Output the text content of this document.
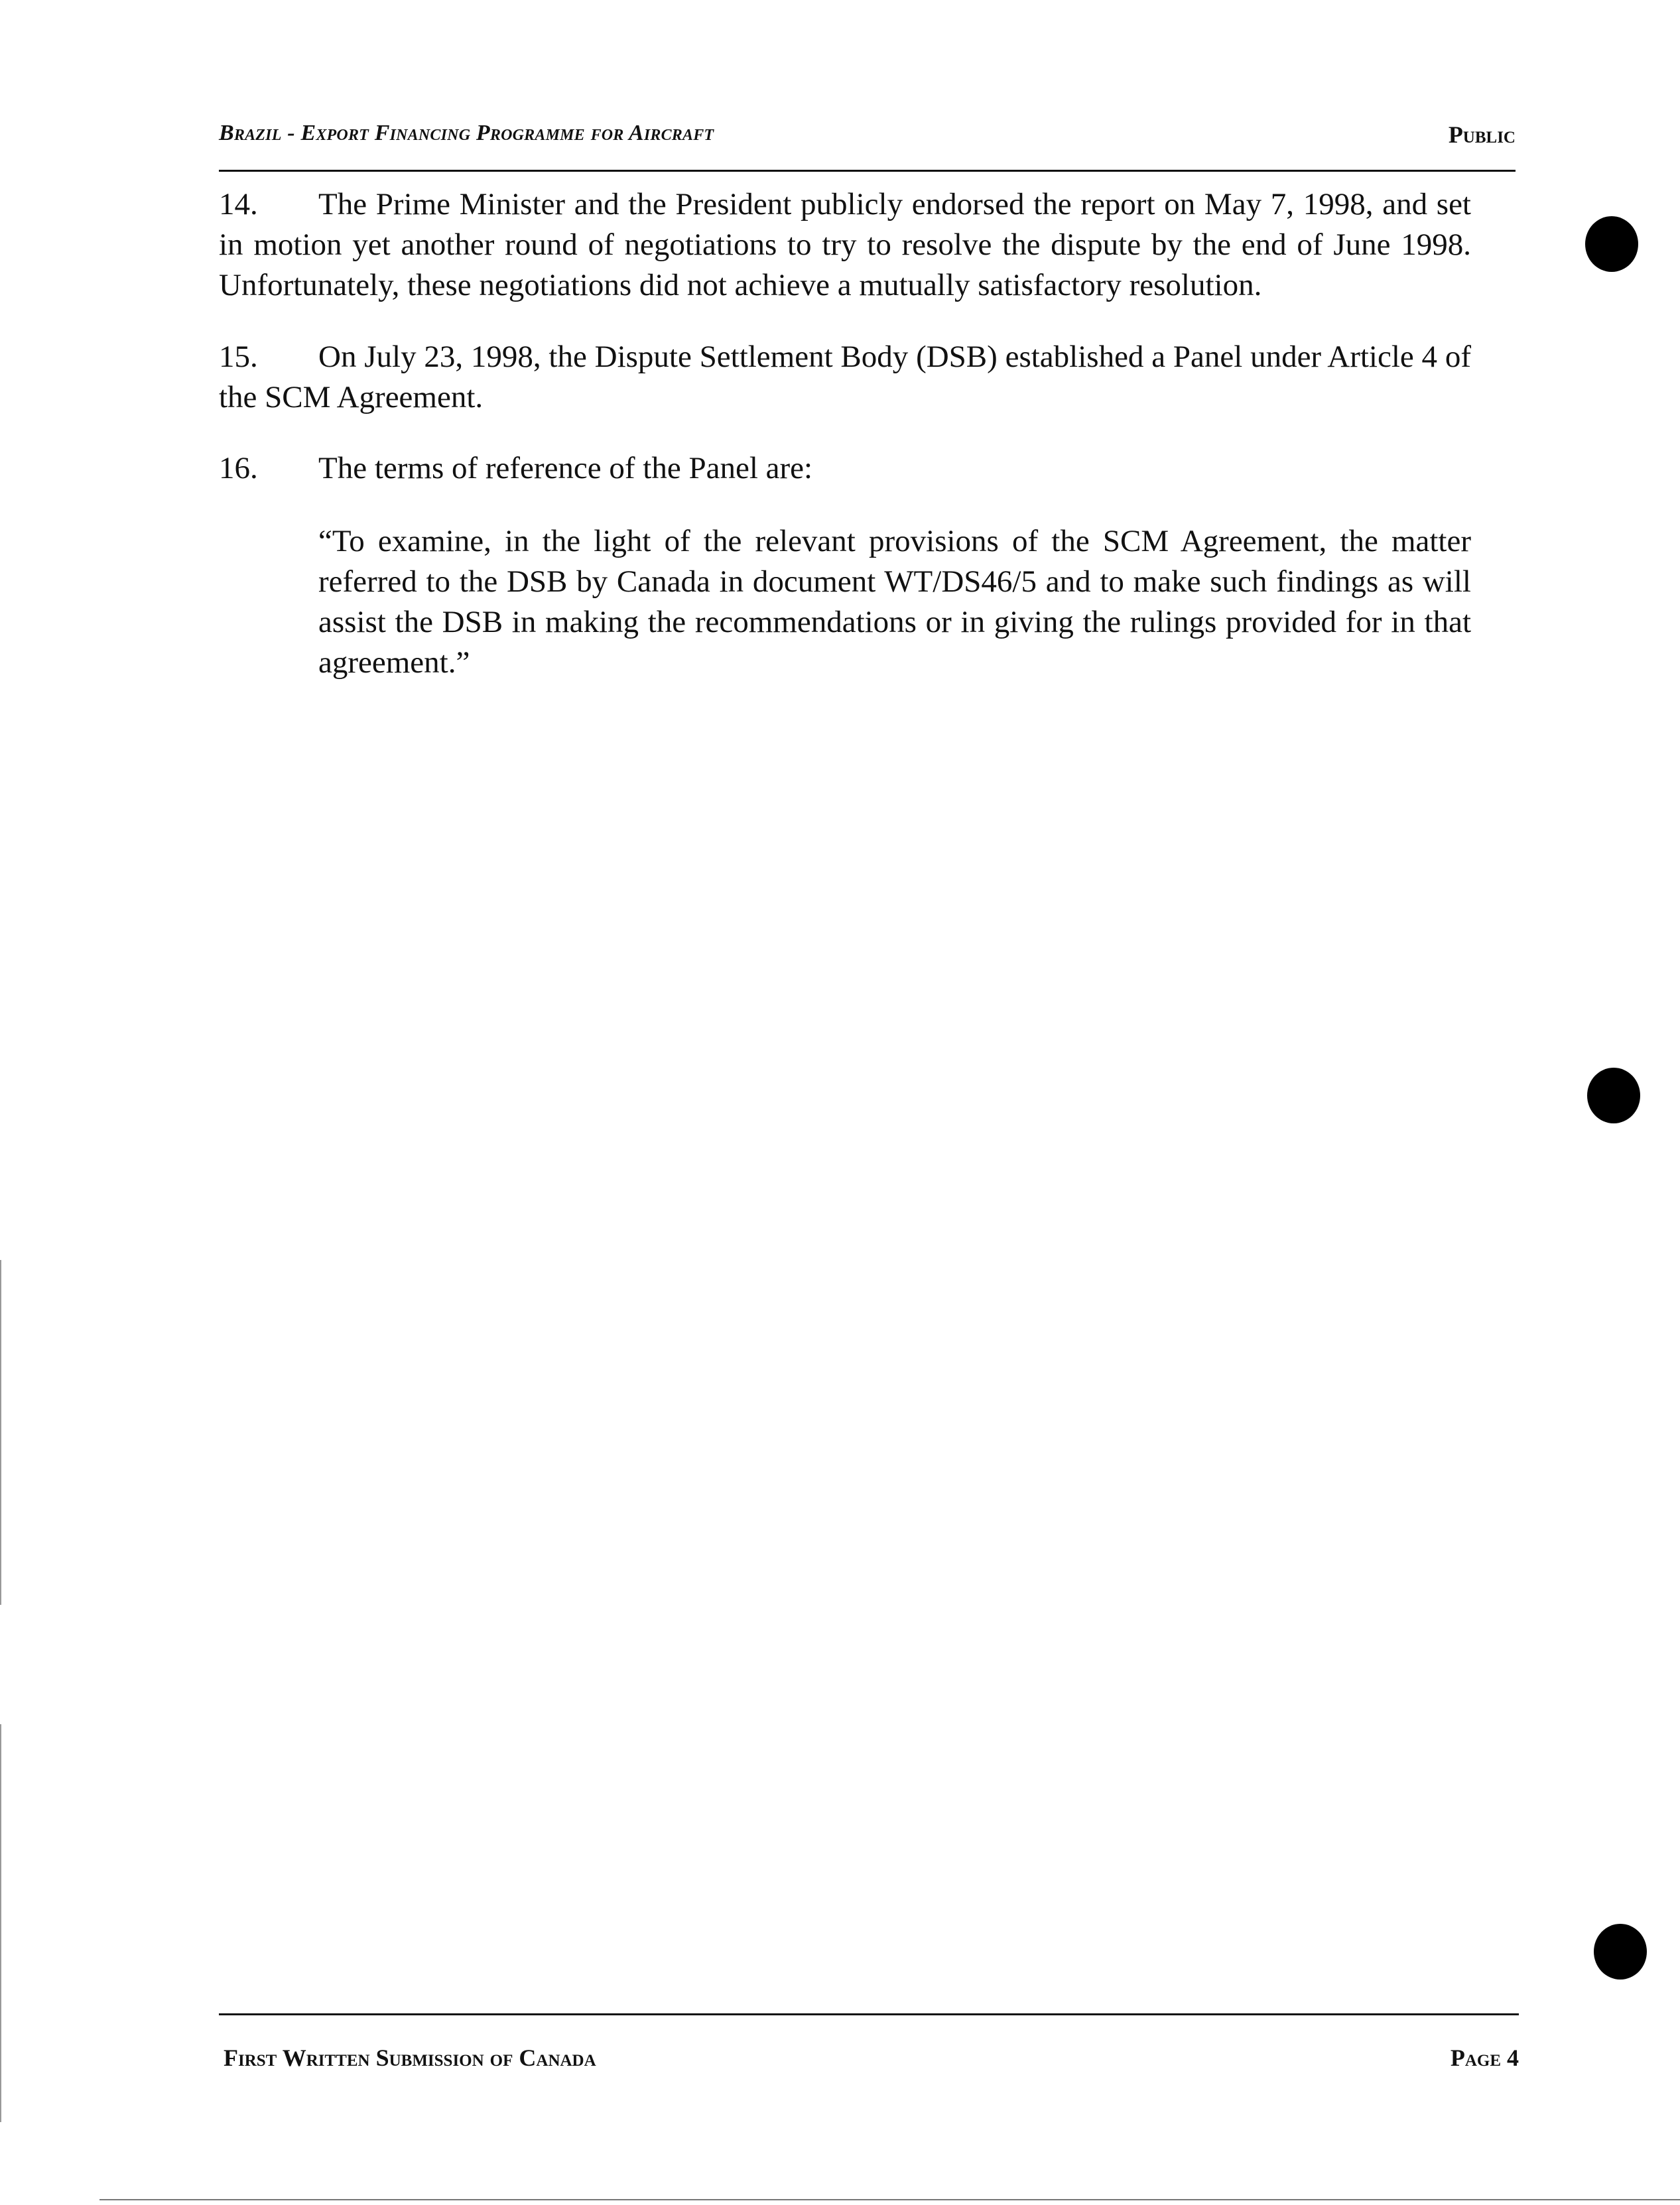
Brazil - Export Financing Programme for Aircraft	Public
14. The Prime Minister and the President publicly endorsed the report on May 7, 1998, and set in motion yet another round of negotiations to try to resolve the dispute by the end of June 1998. Unfortunately, these negotiations did not achieve a mutually satisfactory resolution.
15. On July 23, 1998, the Dispute Settlement Body (DSB) established a Panel under Article 4 of the SCM Agreement.
16. The terms of reference of the Panel are:
“To examine, in the light of the relevant provisions of the SCM Agreement, the matter referred to the DSB by Canada in document WT/DS46/5 and to make such findings as will assist the DSB in making the recommendations or in giving the rulings provided for in that agreement.”
First Written Submission of Canada	Page 4
